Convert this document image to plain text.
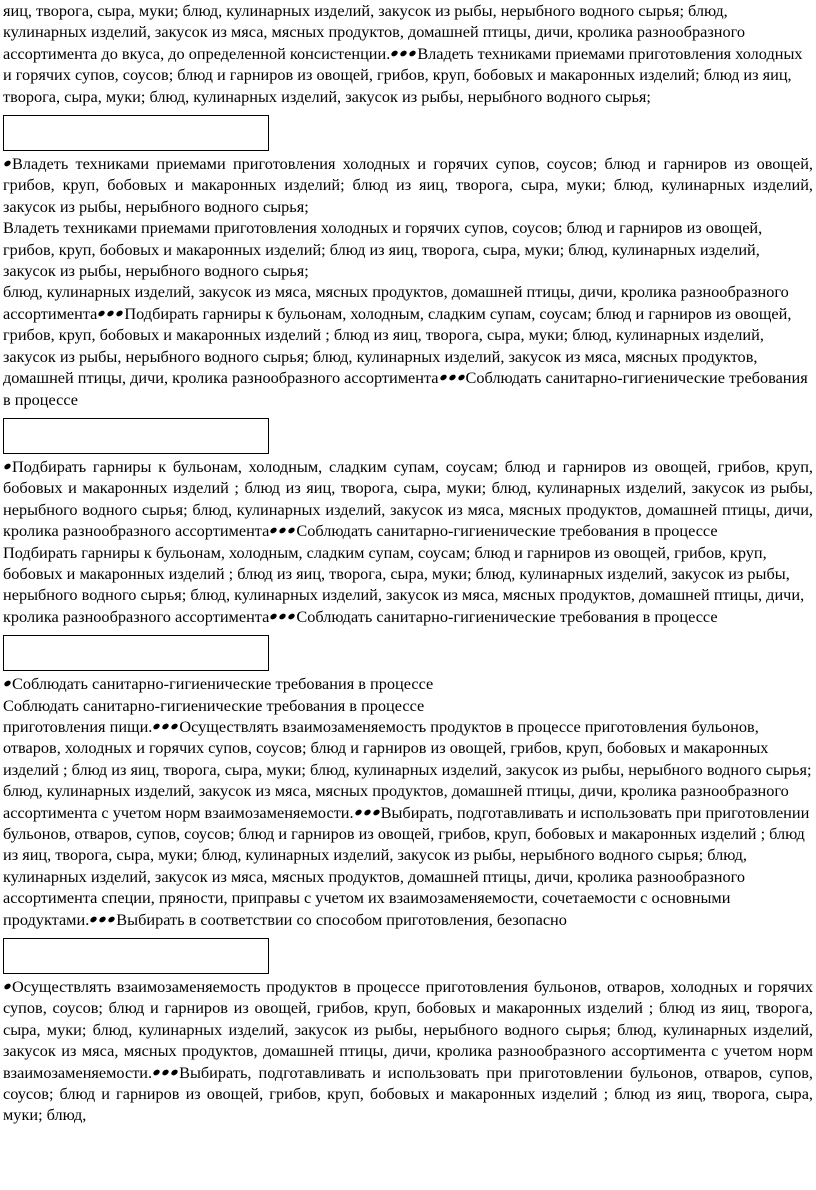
яиц, творога, сыра, муки; блюд, кулинарных изделий, закусок из рыбы, нерыбного водного сырья; блюд, кулинарных изделий, закусок из мяса, мясных продуктов, домашней птицы, дичи, кролика разнообразного ассортимента до вкуса, до определенной консистенции. Владеть техниками приемами приготовления холодных и горячих супов, соусов; блюд и гарниров из овощей, грибов, круп, бобовых и макаронных изделий; блюд из яиц, творога, сыра, муки; блюд, кулинарных изделий, закусок из рыбы, нерыбного водного сырья;

Владеть техниками приемами приготовления холодных и горячих супов, соусов; блюд и гарниров из овощей, грибов, круп, бобовых и макаронных изделий; блюд из яиц, творога, сыра, муки; блюд, кулинарных изделий, закусок из рыбы, нерыбного водного сырья;

Владеть техниками приемами приготовления холодных и горячих супов, соусов; блюд и гарниров из овощей, грибов, круп, бобовых и макаронных изделий; блюд из яиц, творога, сыра, муки; блюд, кулинарных изделий, закусок из рыбы, нерыбного водного сырья;

блюд, кулинарных изделий, закусок из мяса, мясных продуктов, домашней птицы, дичи, кролика разнообразного ассортимента Подбирать гарниры к бульонам, холодным, сладким супам, соусам; блюд и гарниров из овощей, грибов, круп, бобовых и макаронных изделий ; блюд из яиц, творога, сыра, муки; блюд, кулинарных изделий, закусок из рыбы, нерыбного водного сырья; блюд, кулинарных изделий, закусок из мяса, мясных продуктов, домашней птицы, дичи, кролика разнообразного ассортимента Соблюдать санитарно-гигиенические требования в процессе

Подбирать гарниры к бульонам, холодным, сладким супам, соусам; блюд и гарниров из овощей, грибов, круп, бобовых и макаронных изделий ; блюд из яиц, творога, сыра, муки; блюд, кулинарных изделий, закусок из рыбы, нерыбного водного сырья; блюд, кулинарных изделий, закусок из мяса, мясных продуктов, домашней птицы, дичи, кролика разнообразного ассортимента Соблюдать санитарно-гигиенические требования в процессе

Подбирать гарниры к бульонам, холодным, сладким супам, соусам; блюд и гарниров из овощей, грибов, круп, бобовых и макаронных изделий ; блюд из яиц, творога, сыра, муки; блюд, кулинарных изделий, закусок из рыбы, нерыбного водного сырья; блюд, кулинарных изделий, закусок из мяса, мясных продуктов, домашней птицы, дичи, кролика разнообразного ассортимента Соблюдать санитарно-гигиенические требования в процессе

Соблюдать санитарно-гигиенические требования в процессе

Соблюдать санитарно-гигиенические требования в процессе

приготовления пищи. Осуществлять взаимозаменяемость продуктов в процессе приготовления бульонов, отваров, холодных и горячих супов, соусов; блюд и гарниров из овощей, грибов, круп, бобовых и макаронных изделий ; блюд из яиц, творога, сыра, муки; блюд, кулинарных изделий, закусок из рыбы, нерыбного водного сырья; блюд, кулинарных изделий, закусок из мяса, мясных продуктов, домашней птицы, дичи, кролика разнообразного ассортимента с учетом норм взаимозаменяемости. Выбирать, подготавливать и использовать при приготовлении бульонов, отваров, супов, соусов; блюд и гарниров из овощей, грибов, круп, бобовых и макаронных изделий ; блюд из яиц, творога, сыра, муки; блюд, кулинарных изделий, закусок из рыбы, нерыбного водного сырья; блюд, кулинарных изделий, закусок из мяса, мясных продуктов, домашней птицы, дичи, кролика разнообразного ассортимента специи, пряности, приправы с учетом их взаимозаменяемости, сочетаемости с основными продуктами. Выбирать в соответствии со способом приготовления, безопасно

Осуществлять взаимозаменяемость продуктов в процессе приготовления бульонов, отваров, холодных и горячих супов, соусов; блюд и гарниров из овощей, грибов, круп, бобовых и макаронных изделий ; блюд из яиц, творога, сыра, муки; блюд, кулинарных изделий, закусок из рыбы, нерыбного водного сырья; блюд, кулинарных изделий, закусок из мяса, мясных продуктов, домашней птицы, дичи, кролика разнообразного ассортимента с учетом норм взаимозаменяемости. Выбирать, подготавливать и использовать при приготовлении бульонов, отваров, супов, соусов; блюд и гарниров из овощей, грибов, круп, бобовых и макаронных изделий ; блюд из яиц, творога, сыра, муки; блюд,
